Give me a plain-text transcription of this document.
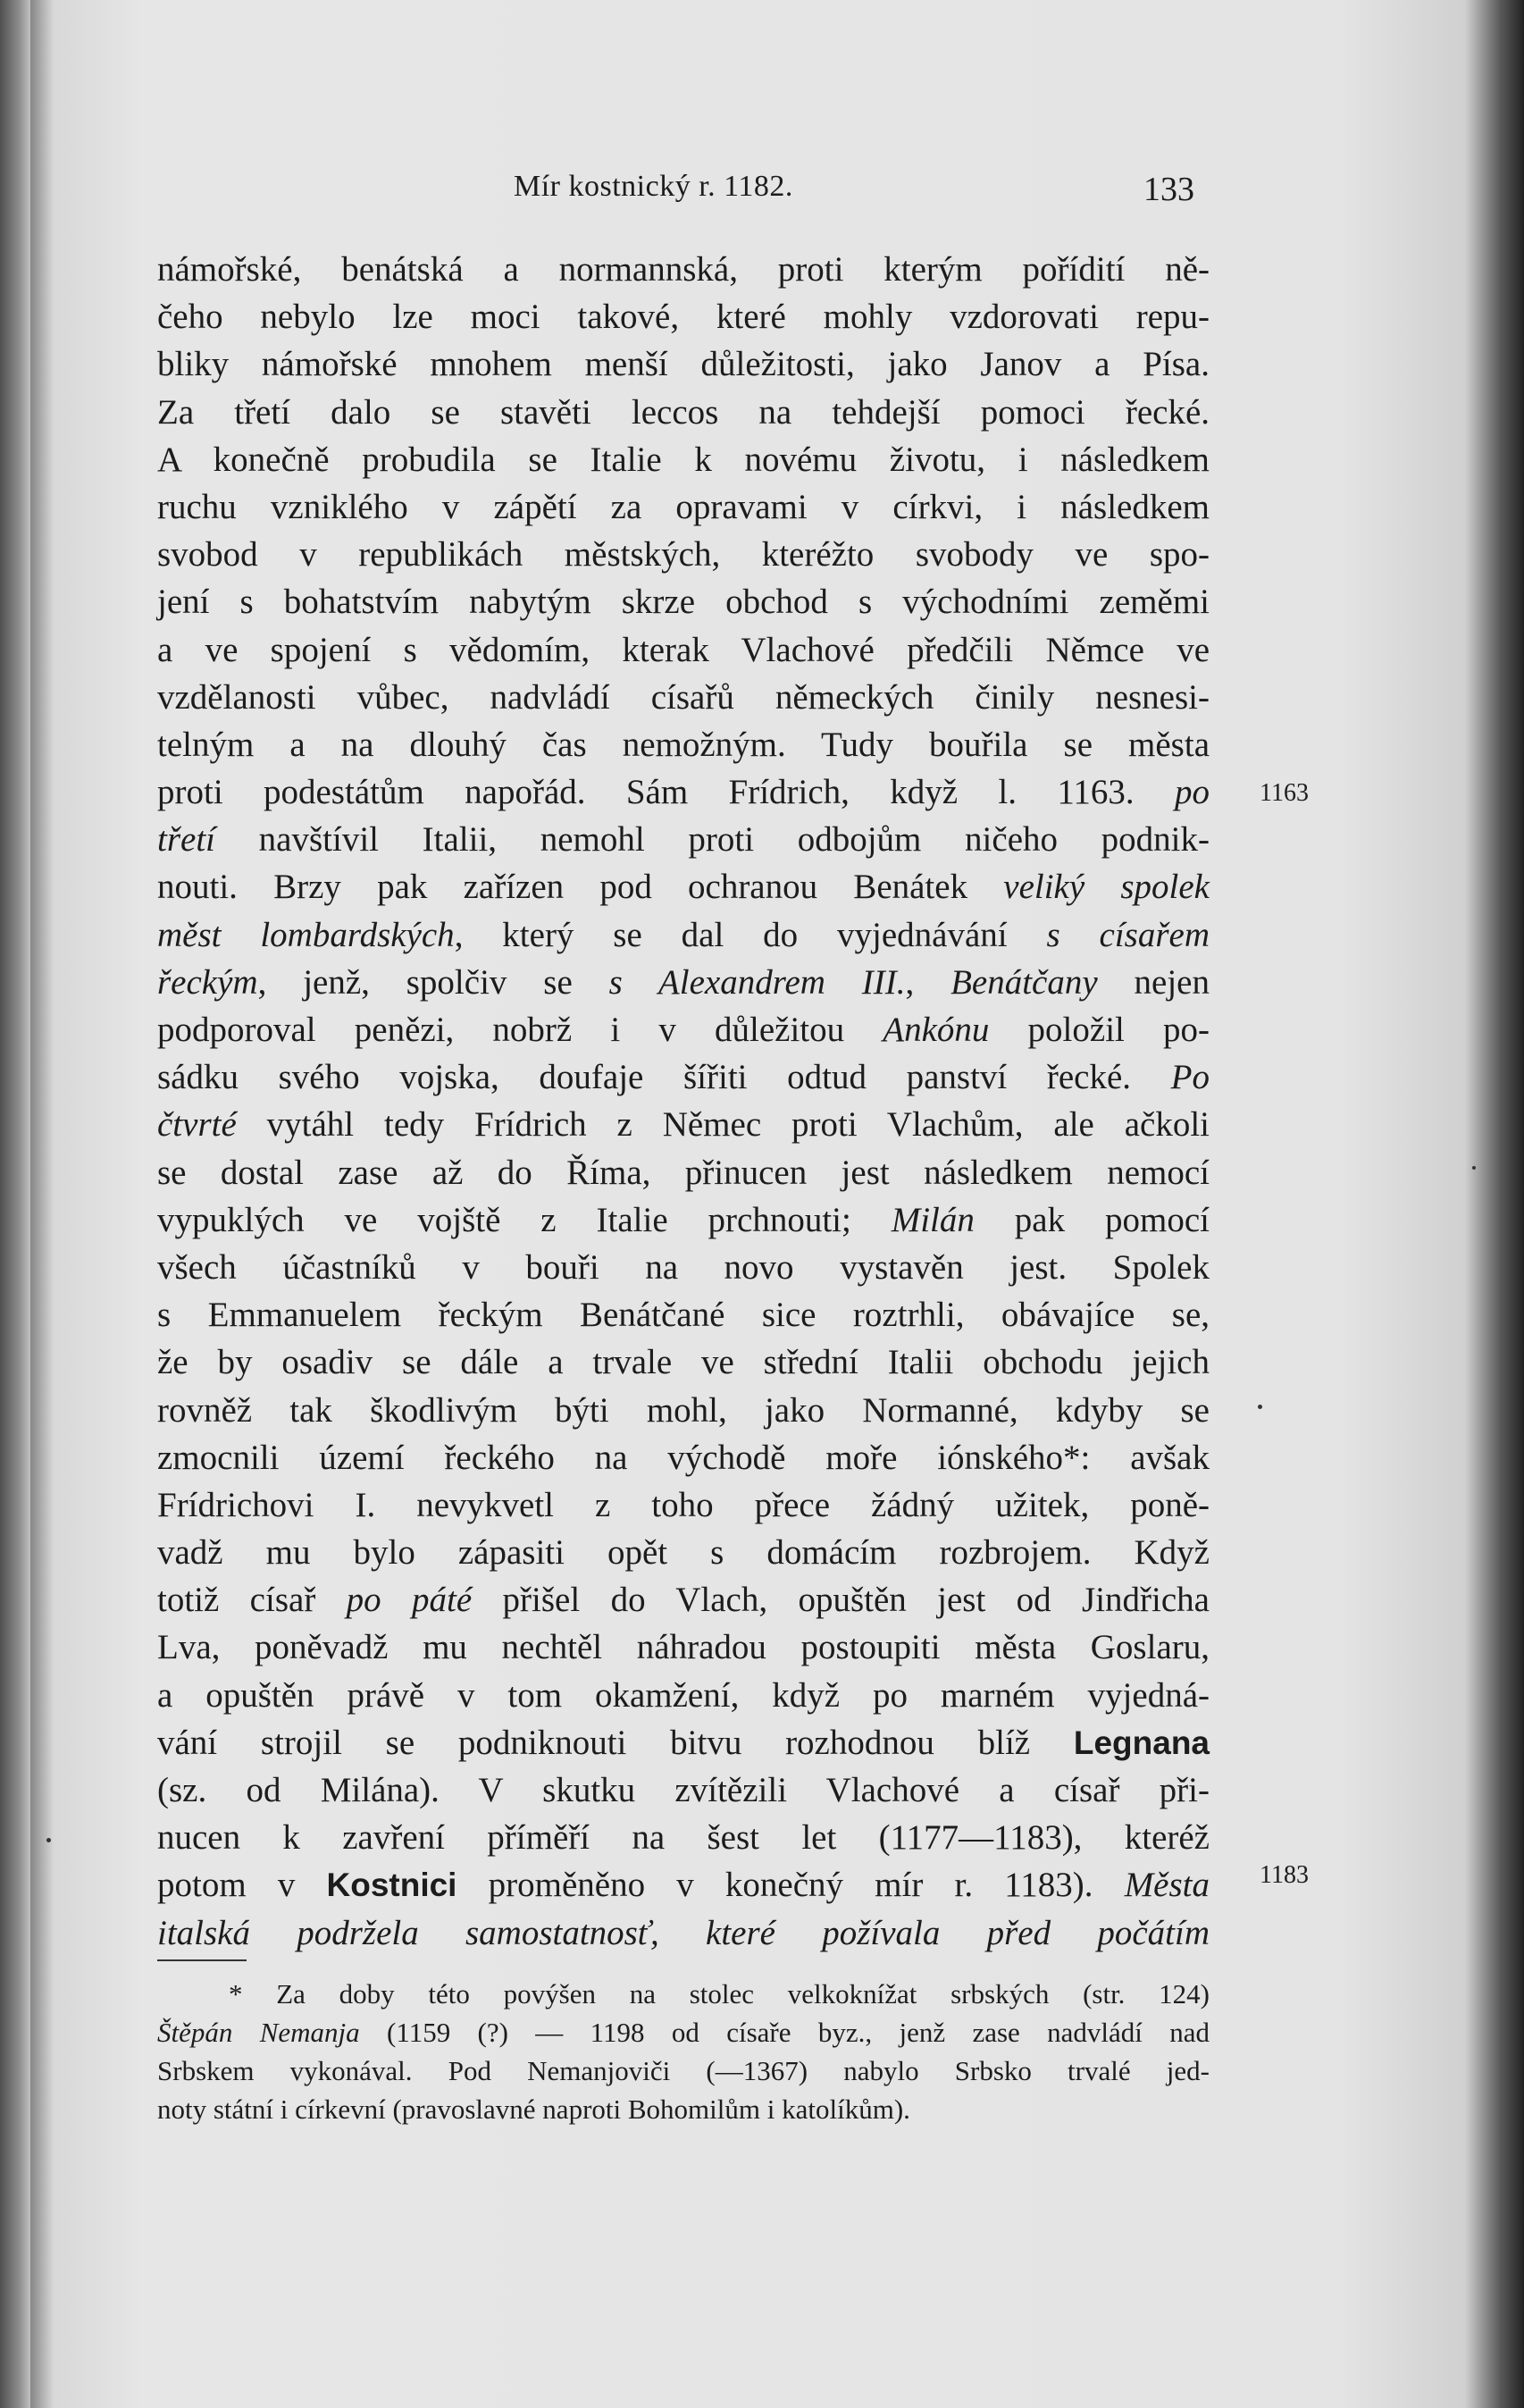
Mír kostnický r. 1182.	133
námořské, benátská a normannská, proti kterým pořídití ně-
čeho nebylo lze moci takové, které mohly vzdorovati repu-
bliky námořské mnohem menší důležitosti, jako Janov a Písa.
Za třetí dalo se stavěti leccos na tehdejší pomoci řecké.
A konečně probudila se Italie k novému životu, i následkem
ruchu vzniklého v zápětí za opravami v církvi, i následkem
svobod v republikách městských, kteréžto svobody ve spo-
jení s bohatstvím nabytým skrze obchod s východními zeměmi
a ve spojení s vědomím, kterak Vlachové předčili Němce ve
vzdělanosti vůbec, nadvládí císařů německých činily nesnesi-
telným a na dlouhý čas nemožným. Tudy bouřila se města
proti podestátům napořád. Sám Frídrich, když l. 1163. po
třetí navštívil Italii, nemohl proti odbojům ničeho podnik-
nouti. Brzy pak zařízen pod ochranou Benátek veliký spolek
měst lombardských, který se dal do vyjednávání s císařem
řeckým, jenž, spolčiv se s Alexandrem III., Benátčany nejen
podporoval penězi, nobrž i v důležitou Ankónu položil po-
sádku svého vojska, doufaje šířiti odtud panství řecké. Po
čtvrté vytáhl tedy Frídrich z Němec proti Vlachům, ale ačkoli
se dostal zase až do Říma, přinucen jest následkem nemocí
vypuklých ve vojště z Italie prchnouti; Milán pak pomocí
všech účastníků v bouři na novo vystavěn jest. Spolek
s Emmanuelem řeckým Benátčané sice roztrhli, obávajíce se,
že by osadiv se dále a trvale ve střední Italii obchodu jejich
rovněž tak škodlivým býti mohl, jako Normanné, kdyby se
zmocnili území řeckého na východě moře iónského*: avšak
Frídrichovi I. nevykvetl z toho přece žádný užitek, poně-
vadž mu bylo zápasiti opět s domácím rozbrojem. Když
totiž císař po páté přišel do Vlach, opuštěn jest od Jindřicha
Lva, poněvadž mu nechtěl náhradou postoupiti města Goslaru,
a opuštěn právě v tom okamžení, když po marném vyjedná-
vání strojil se podniknouti bitvu rozhodnou blíž Legnana
(sz. od Milána). V skutku zvítězili Vlachové a císař při-
nucen k zavření příměří na šest let (1177—1183), kteréž
potom v Kostnici proměněno v konečný mír r. 1183). Města
italská podržela samostatnosť, které požívala před počátím
1163
1183
* Za doby této povýšen na stolec velkoknížat srbských (str. 124)
Štěpán Nemanja (1159 (?) — 1198 od císaře byz., jenž zase nadvládí nad
Srbskem vykonával. Pod Nemanjoviči (—1367) nabylo Srbsko trvalé jed-
noty státní i církevní (pravoslavné naproti Bohomilům i katolíkům).
